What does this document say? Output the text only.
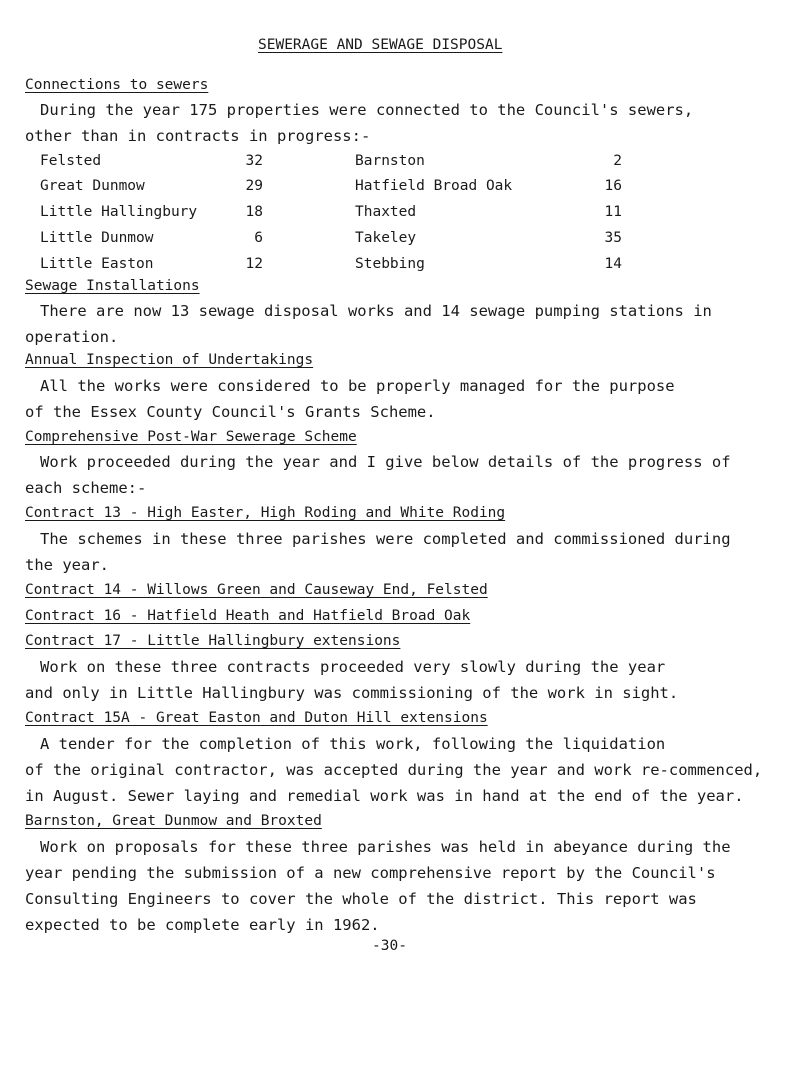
SEWERAGE AND SEWAGE DISPOSAL
Connections to sewers
During the year 175 properties were connected to the Council's sewers,
other than in contracts in progress:-
Felsted	32	Barnston	2
Great Dunmow	29	Hatfield Broad Oak	16
Little Hallingbury	18	Thaxted	11
Little Dunmow	6	Takeley	35
Little Easton	12	Stebbing	14
Sewage Installations
There are now 13 sewage disposal works and 14 sewage pumping stations in
operation.
Annual Inspection of Undertakings
All the works were considered to be properly managed for the purpose
of the Essex County Council's Grants Scheme.
Comprehensive Post-War Sewerage Scheme
Work proceeded during the year and I give below details of the progress of
each scheme:-
Contract 13 - High Easter, High Roding and White Roding
The schemes in these three parishes were completed and commissioned during
the year.
Contract 14 - Willows Green and Causeway End, Felsted
Contract 16 - Hatfield Heath and Hatfield Broad Oak
Contract 17 - Little Hallingbury extensions
Work on these three contracts proceeded very slowly during the year
and only in Little Hallingbury was commissioning of the work in sight.
Contract 15A - Great Easton and Duton Hill extensions
A tender for the completion of this work, following the liquidation
of the original contractor, was accepted during the year and work re-commenced,
in August. Sewer laying and remedial work was in hand at the end of the year.
Barnston, Great Dunmow and Broxted
Work on proposals for these three parishes was held in abeyance during the
year pending the submission of a new comprehensive report by the Council's
Consulting Engineers to cover the whole of the district. This report was
expected to be complete early in 1962.
-30-
